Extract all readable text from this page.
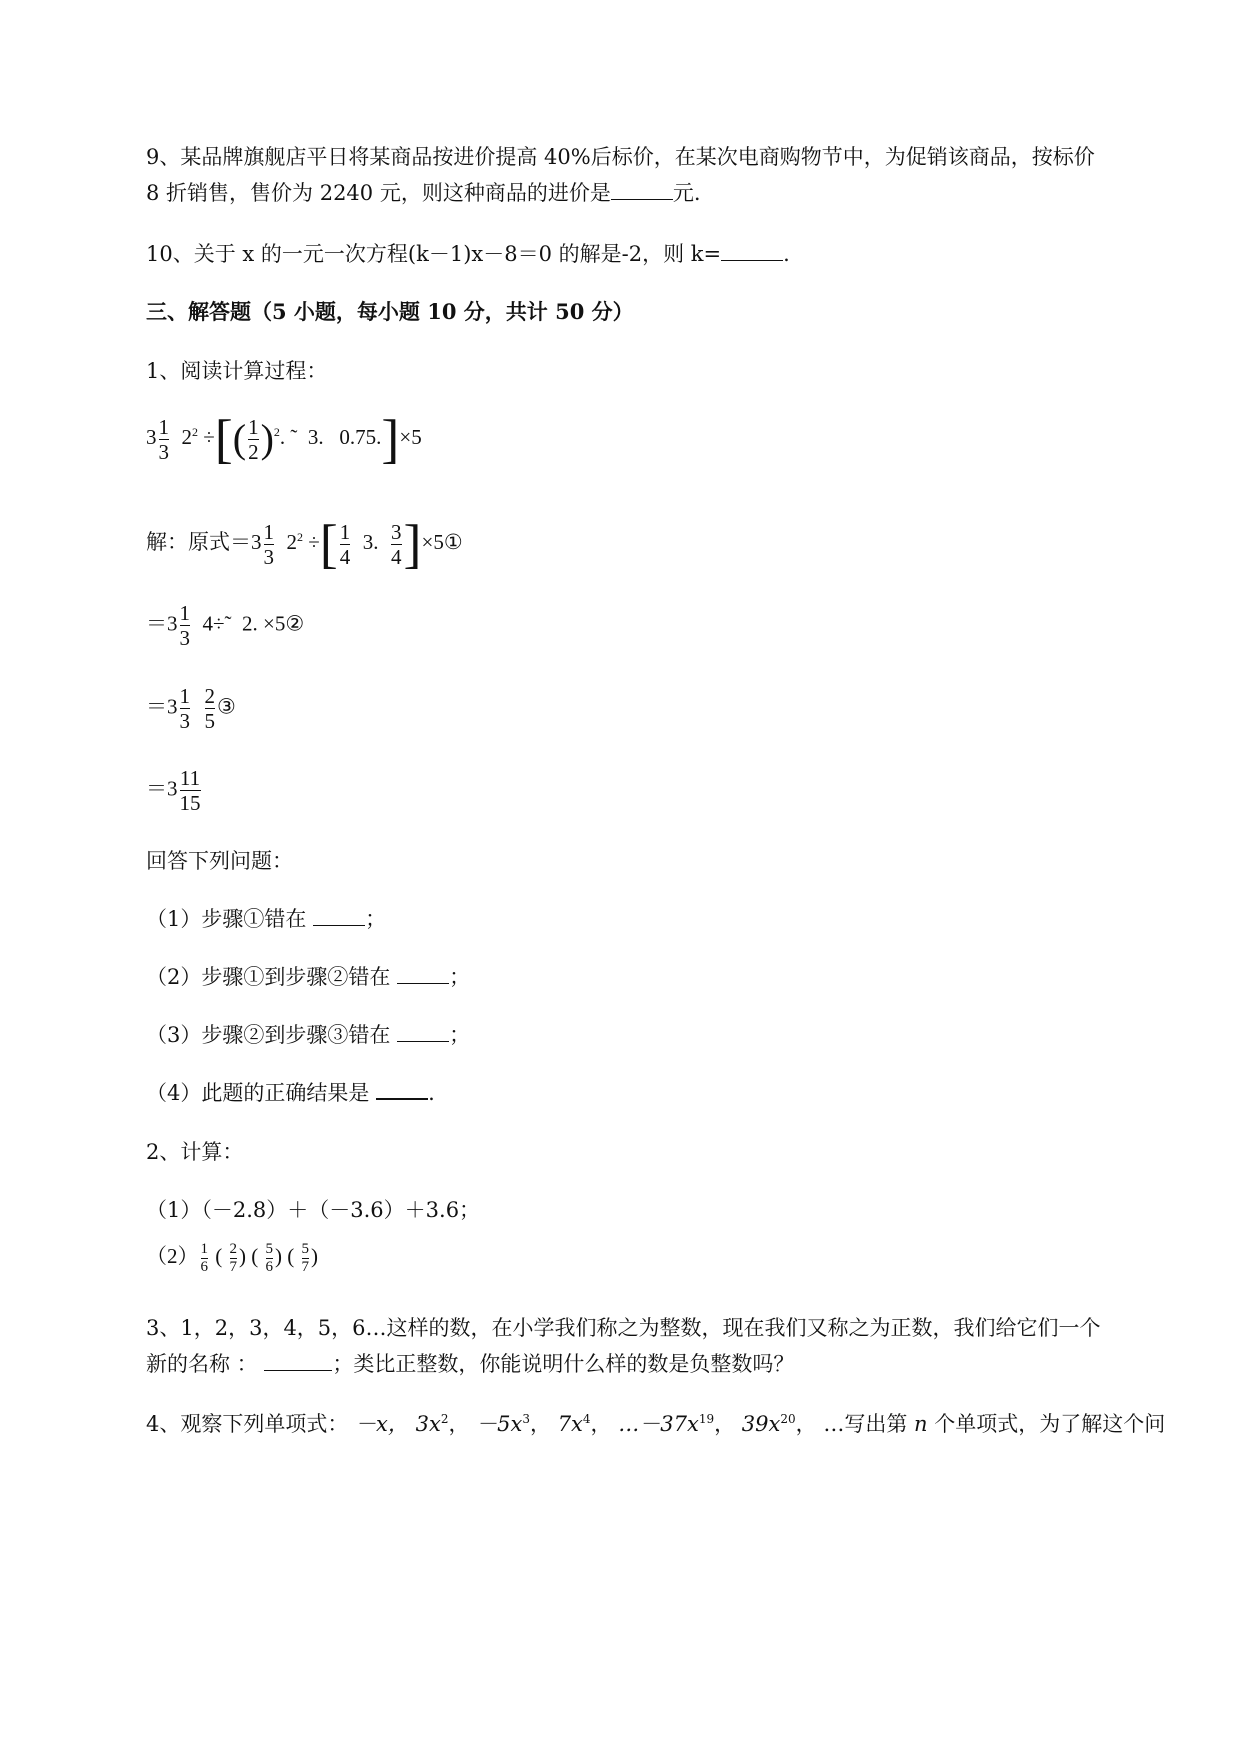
9、某品牌旗舰店平日将某商品按进价提高 40%后标价，在某次电商购物节中，为促销该商品，按标价
8 折销售，售价为 2240 元，则这种商品的进价是	元.
10、关于 x 的一元一次方程(k－1)x－8＝0 的解是-2，则 k=	.
三、解答题（5 小题，每小题 10 分，共计 50 分）
1、阅读计算过程：
$3 \frac{1}{3} 2^2$ ÷[( $\frac{1}{2} )^2$. ˜  3.   0.75.]×5
解：原式$=3 \frac{1}{3} 2^2$ ÷[ $\frac{1}{4} 3$. $\frac{3}{4}$ ]×5①
$=3 \frac{1}{3}$ 4÷˜  2. ×5②
$=3 \frac{1}{3}$
$\frac{2}{5}$ ③
$=3 \frac{11}{15}$
回答下列问题：
（1）步骤①错在	；
（2）步骤①到步骤②错在	；
（3）步骤②到步骤③错在	；
（4）此题的正确结果是	.
2、计算：
（1）（－2.8）＋（－3.6）＋3.6；
$(2) \frac{1}{6}$ ( $\frac{2}{7}$ ) ( $\frac{5}{6}$ ) ( $\frac{5}{7}$ )
3、1，2，3，4，5，6…这样的数，在小学我们称之为整数，现在我们又称之为正数，我们给它们一个
新的名称 ：	；类比正整数，你能说明什么样的数是负整数吗？
4、观察下列单项式： －x， $3x^2$， $-5x^3$， $7x^4$， $\dots-37x^{19}$， $39x^{20}$， …写出第 n 个单项式，为了解这个问
